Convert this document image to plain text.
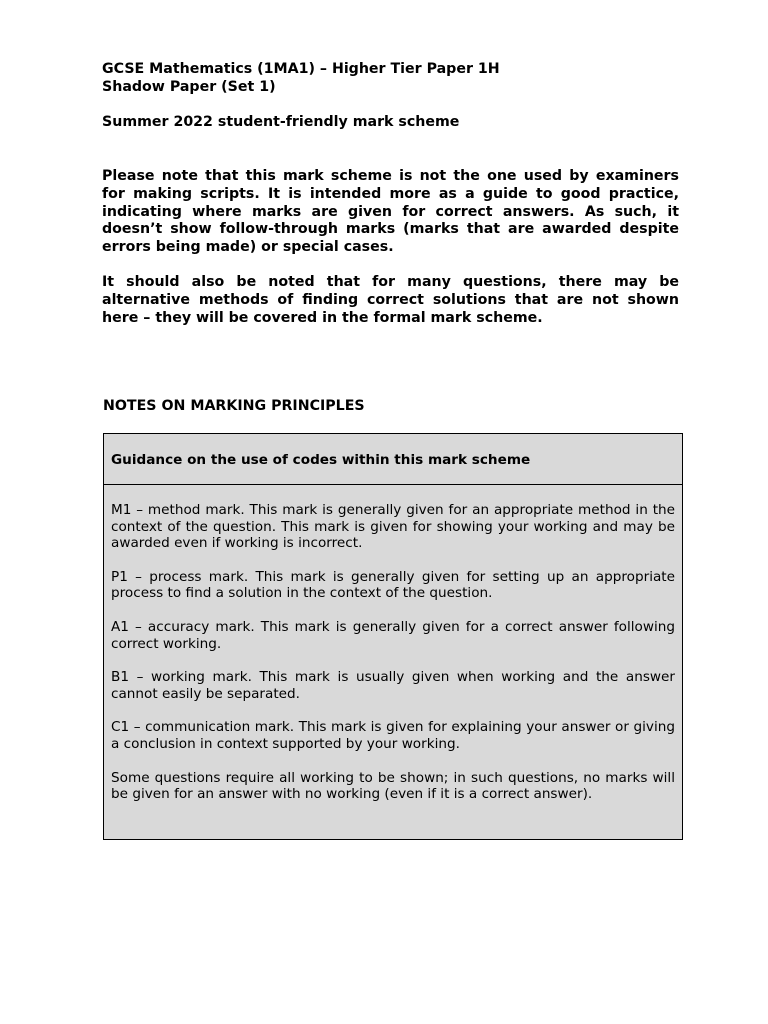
GCSE Mathematics (1MA1) – Higher Tier Paper 1H
Shadow Paper (Set 1)
Summer 2022 student-friendly mark scheme

Please note that this mark scheme is not the one used by examiners for making scripts. It is intended more as a guide to good practice, indicating where marks are given for correct answers. As such, it doesn’t show follow-through marks (marks that are awarded despite errors being made) or special cases.

It should also be noted that for many questions, there may be alternative methods of finding correct solutions that are not shown here – they will be covered in the formal mark scheme.

NOTES ON MARKING PRINCIPLES
Guidance on the use of codes within this mark scheme

M1 – method mark. This mark is generally given for an appropriate method in the context of the question. This mark is given for showing your working and may be awarded even if working is incorrect.

P1 – process mark. This mark is generally given for setting up an appropriate process to find a solution in the context of the question.

A1 – accuracy mark. This mark is generally given for a correct answer following correct working.

B1 – working mark. This mark is usually given when working and the answer cannot easily be separated.

C1 – communication mark. This mark is given for explaining your answer or giving a conclusion in context supported by your working.

Some questions require all working to be shown; in such questions, no marks will be given for an answer with no working (even if it is a correct answer).
